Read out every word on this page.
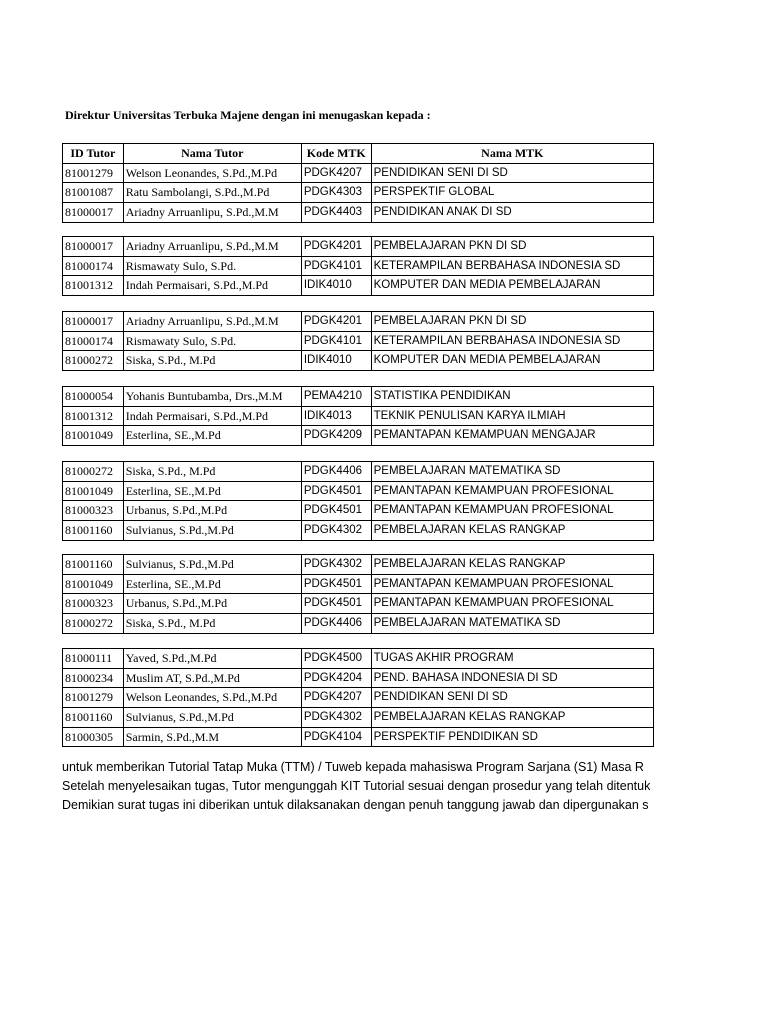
Direktur Universitas Terbuka Majene dengan ini menugaskan kepada :
ID Tutor	Nama Tutor	Kode MTK	Nama MTK
81001279	Welson Leonandes, S.Pd.,M.Pd	PDGK4207	PENDIDIKAN SENI DI SD
81001087	Ratu Sambolangi, S.Pd.,M.Pd	PDGK4303	PERSPEKTIF GLOBAL
81000017	Ariadny Arruanlipu, S.Pd.,M.M	PDGK4403	PENDIDIKAN ANAK DI SD
81000017	Ariadny Arruanlipu, S.Pd.,M.M	PDGK4201	PEMBELAJARAN PKN DI SD
81000174	Rismawaty Sulo, S.Pd.	PDGK4101	KETERAMPILAN BERBAHASA INDONESIA SD
81001312	Indah Permaisari, S.Pd.,M.Pd	IDIK4010	KOMPUTER DAN MEDIA PEMBELAJARAN
81000017	Ariadny Arruanlipu, S.Pd.,M.M	PDGK4201	PEMBELAJARAN PKN DI SD
81000174	Rismawaty Sulo, S.Pd.	PDGK4101	KETERAMPILAN BERBAHASA INDONESIA SD
81000272	Siska, S.Pd., M.Pd	IDIK4010	KOMPUTER DAN MEDIA PEMBELAJARAN
81000054	Yohanis Buntubamba, Drs.,M.M	PEMA4210	STATISTIKA PENDIDIKAN
81001312	Indah Permaisari, S.Pd.,M.Pd	IDIK4013	TEKNIK PENULISAN KARYA ILMIAH
81001049	Esterlina, SE.,M.Pd	PDGK4209	PEMANTAPAN KEMAMPUAN MENGAJAR
81000272	Siska, S.Pd., M.Pd	PDGK4406	PEMBELAJARAN MATEMATIKA SD
81001049	Esterlina, SE.,M.Pd	PDGK4501	PEMANTAPAN KEMAMPUAN PROFESIONAL
81000323	Urbanus, S.Pd.,M.Pd	PDGK4501	PEMANTAPAN KEMAMPUAN PROFESIONAL
81001160	Sulvianus, S.Pd.,M.Pd	PDGK4302	PEMBELAJARAN KELAS RANGKAP
81001160	Sulvianus, S.Pd.,M.Pd	PDGK4302	PEMBELAJARAN KELAS RANGKAP
81001049	Esterlina, SE.,M.Pd	PDGK4501	PEMANTAPAN KEMAMPUAN PROFESIONAL
81000323	Urbanus, S.Pd.,M.Pd	PDGK4501	PEMANTAPAN KEMAMPUAN PROFESIONAL
81000272	Siska, S.Pd., M.Pd	PDGK4406	PEMBELAJARAN MATEMATIKA SD
81000111	Yaved, S.Pd.,M.Pd	PDGK4500	TUGAS AKHIR PROGRAM
81000234	Muslim AT, S.Pd.,M.Pd	PDGK4204	PEND. BAHASA INDONESIA DI SD
81001279	Welson Leonandes, S.Pd.,M.Pd	PDGK4207	PENDIDIKAN SENI DI SD
81001160	Sulvianus, S.Pd.,M.Pd	PDGK4302	PEMBELAJARAN KELAS RANGKAP
81000305	Sarmin, S.Pd.,M.M	PDGK4104	PERSPEKTIF PENDIDIKAN SD
untuk memberikan Tutorial Tatap Muka (TTM) / Tuweb kepada mahasiswa Program Sarjana (S1) Masa R
Setelah menyelesaikan tugas, Tutor mengunggah KIT Tutorial sesuai dengan prosedur yang telah ditentuk
Demikian surat tugas ini diberikan untuk dilaksanakan dengan penuh tanggung jawab dan dipergunakan s
